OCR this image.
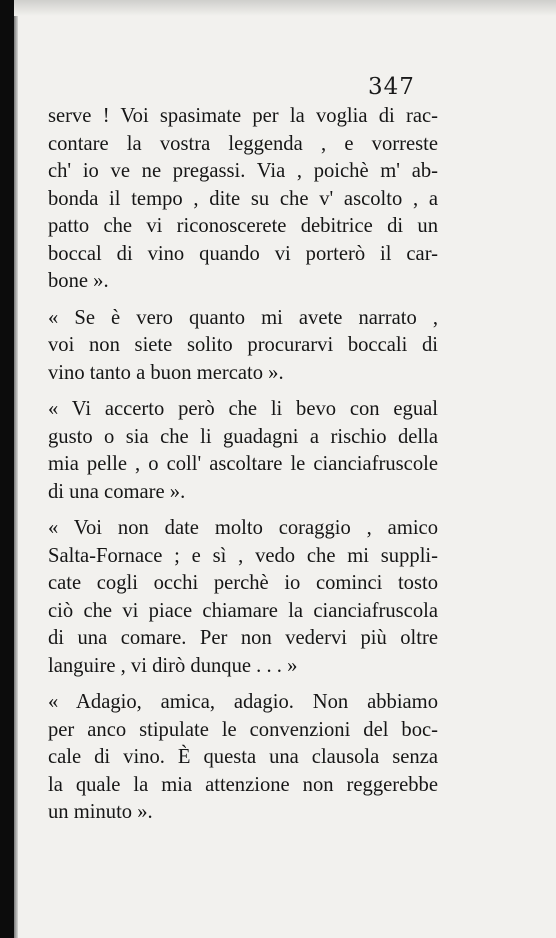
347
serve ! Voi spasimate per la voglia di rac-
contare la vostra leggenda , e vorreste
ch' io ve ne pregassi. Via , poichè m' ab-
bonda il tempo , dite su che v' ascolto , a
patto che vi riconoscerete debitrice di un
boccal di vino quando vi porterò il car-
bone ».
« Se è vero quanto mi avete narrato ,
voi non siete solito procurarvi boccali di
vino tanto a buon mercato ».
« Vi accerto però che li bevo con egual
gusto o sia che li guadagni a rischio della
mia pelle , o coll' ascoltare le cianciafruscole
di una comare ».
« Voi non date molto coraggio , amico
Salta-Fornace ; e sì , vedo che mi suppli-
cate cogli occhi perchè io cominci tosto
ciò che vi piace chiamare la cianciafruscola
di una comare. Per non vedervi più oltre
languire , vi dirò dunque . . . »
« Adagio, amica, adagio. Non abbiamo
per anco stipulate le convenzioni del boc-
cale di vino. È questa una clausola senza
la quale la mia attenzione non reggerebbe
un minuto ».
